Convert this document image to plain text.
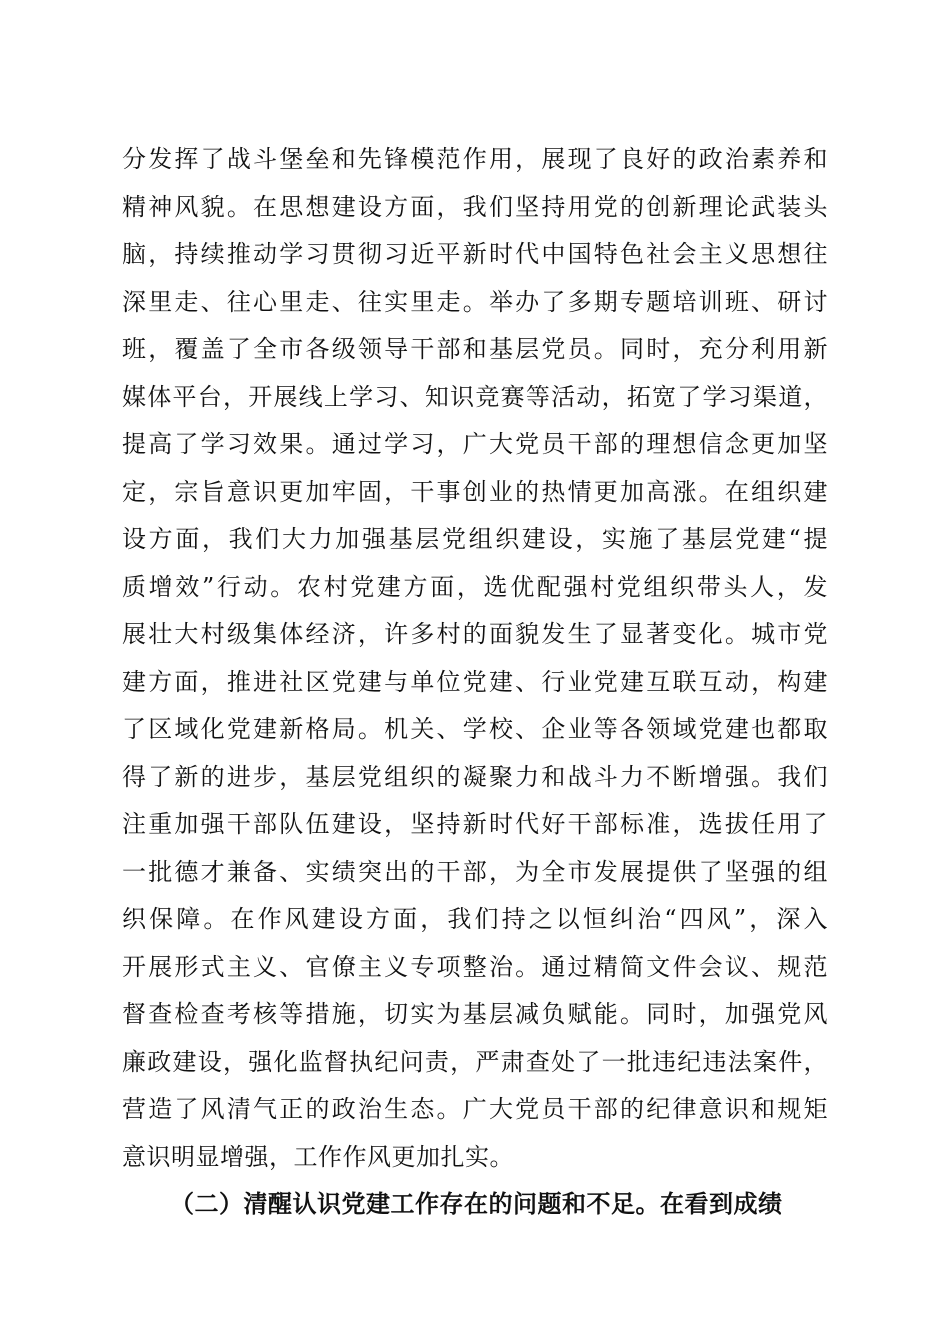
分发挥了战斗堡垒和先锋模范作用，展现了良好的政治素养和
精神风貌。在思想建设方面，我们坚持用党的创新理论武装头
脑，持续推动学习贯彻习近平新时代中国特色社会主义思想往
深里走、往心里走、往实里走。举办了多期专题培训班、研讨
班，覆盖了全市各级领导干部和基层党员。同时，充分利用新
媒体平台，开展线上学习、知识竞赛等活动，拓宽了学习渠道，
提高了学习效果。通过学习，广大党员干部的理想信念更加坚
定，宗旨意识更加牢固，干事创业的热情更加高涨。在组织建
设方面，我们大力加强基层党组织建设，实施了基层党建“提
质增效”行动。农村党建方面，选优配强村党组织带头人，发
展壮大村级集体经济，许多村的面貌发生了显著变化。城市党
建方面，推进社区党建与单位党建、行业党建互联互动，构建
了区域化党建新格局。机关、学校、企业等各领域党建也都取
得了新的进步，基层党组织的凝聚力和战斗力不断增强。我们
注重加强干部队伍建设，坚持新时代好干部标准，选拔任用了
一批德才兼备、实绩突出的干部，为全市发展提供了坚强的组
织保障。在作风建设方面，我们持之以恒纠治“四风”，深入
开展形式主义、官僚主义专项整治。通过精简文件会议、规范
督查检查考核等措施，切实为基层减负赋能。同时，加强党风
廉政建设，强化监督执纪问责，严肃查处了一批违纪违法案件，
营造了风清气正的政治生态。广大党员干部的纪律意识和规矩
意识明显增强，工作作风更加扎实。
（二）清醒认识党建工作存在的问题和不足。在看到成绩
